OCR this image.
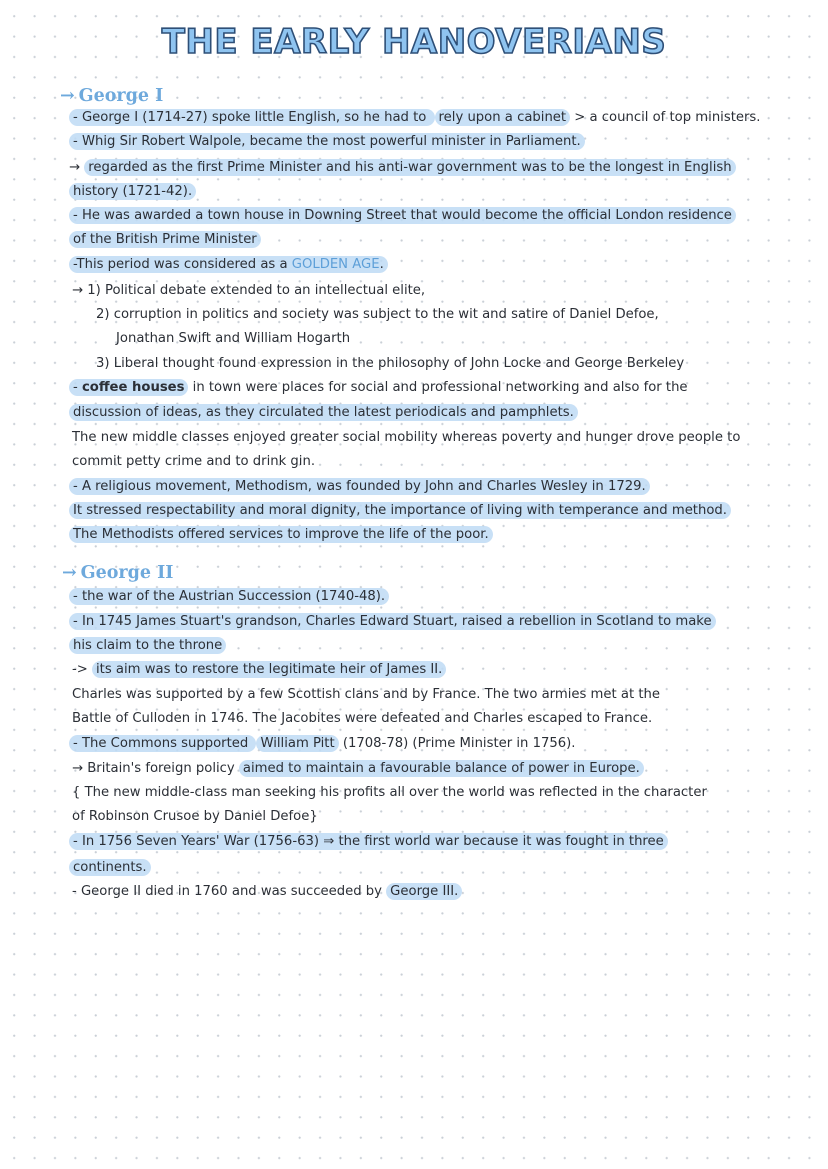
THE EARLY HANOVERIANS
→ George I
- George I (1714-27) spoke little English, so he had to rely upon a cabinet > a council of top ministers.
- Whig Sir Robert Walpole, became the most powerful minister in Parliament.
→ regarded as the first Prime Minister and his anti-war government was to be the longest in English
history (1721-42).
- He was awarded a town house in Downing Street that would become the official London residence
of the British Prime Minister
-This period was considered as a GOLDEN AGE.
→ 1) Political debate extended to an intellectual elite,
2) corruption in politics and society was subject to the wit and satire of Daniel Defoe,
Jonathan Swift and William Hogarth
3) Liberal thought found expression in the philosophy of John Locke and George Berkeley
- coffee houses in town were places for social and professional networking and also for the
discussion of ideas, as they circulated the latest periodicals and pamphlets.
The new middle classes enjoyed greater social mobility whereas poverty and hunger drove people to
commit petty crime and to drink gin.
- A religious movement, Methodism, was founded by John and Charles Wesley in 1729.
It stressed respectability and moral dignity, the importance of living with temperance and method.
The Methodists offered services to improve the life of the poor.
→ George II
- the war of the Austrian Succession (1740-48).
- In 1745 James Stuart's grandson, Charles Edward Stuart, raised a rebellion in Scotland to make
his claim to the throne
-> its aim was to restore the legitimate heir of James II.
Charles was supported by a few Scottish clans and by France. The two armies met at the
Battle of Culloden in 1746. The Jacobites were defeated and Charles escaped to France.
- The Commons supported William Pitt (1708-78) (Prime Minister in 1756).
→ Britain's foreign policy aimed to maintain a favourable balance of power in Europe.
{ The new middle-class man seeking his profits all over the world was reflected in the character
of Robinson Crusoe by Daniel Defoe}
- In 1756 Seven Years' War (1756-63) ⇒ the first world war because it was fought in three
continents.
- George II died in 1760 and was succeeded by George III.
